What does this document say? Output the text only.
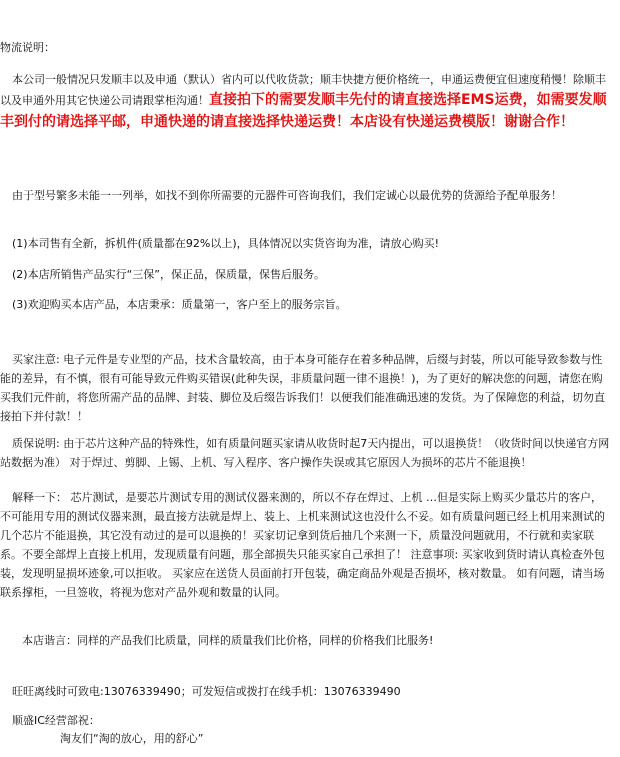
物流说明：
本公司一般情况只发顺丰以及申通（默认）省内可以代收货款；顺丰快捷方便价格统一，申通运费便宜但速度稍慢！除顺丰以及申通外用其它快递公司请跟掌柜沟通！直接拍下的需要发顺丰先付的请直接选择EMS运费，如需要发顺丰到付的请选择平邮，申通快递的请直接选择快递运费！本店设有快递运费模版！谢谢合作！
由于型号繁多未能一一列举，如找不到你所需要的元器件可咨询我们，我们定诚心以最优势的货源给予配单服务！
(1)本司售有全新，拆机件(质量都在92%以上)，具体情况以实货咨询为准，请放心购买!
(2)本店所销售产品实行“三保”，保正品，保质量，保售后服务。
(3)欢迎购买本店产品，本店秉承：质量第一，客户至上的服务宗旨。
买家注意: 电子元件是专业型的产品，技术含量较高，由于本身可能存在着多种品牌，后缀与封装，所以可能导致参数与性能的差异，有不慎，很有可能导致元件购买错误(此种失误，非质量问题一律不退换！)，为了更好的解决您的问题，请您在购买我们元件前，将您所需产品的品牌、封装、脚位及后缀告诉我们！以便我们能准确迅速的发货。为了保障您的利益，切勿直接拍下并付款！！
质保说明: 由于芯片这种产品的特殊性，如有质量问题买家请从收货时起7天内提出，可以退换货！（收货时间以快递官方网站数据为准） 对于焊过、剪脚、上锡、上机、写入程序、客户操作失误或其它原因人为损坏的芯片不能退换！
解释一下： 芯片测试，是要芯片测试专用的测试仪器来测的，所以不存在焊过、上机 …但是实际上购买少量芯片的客户，不可能用专用的测试仪器来测，最直接方法就是焊上、装上、上机来测试这也没什么不妥。如有质量问题已经上机用来测试的几个芯片不能退换，其它没有动过的是可以退换的！买家切记拿到货后抽几个来测一下，质量没问题就用，不行就和卖家联系。不要全部焊上直接上机用，发现质量有问题，那全部损失只能买家自己承担了！ 注意事项: 买家收到货时请认真检查外包装，发现明显损坏迹象,可以拒收。 买家应在送货人员面前打开包装，确定商品外观是否损坏，核对数量。 如有问题，请当场联系撑柜，一旦签收，将视为您对产品外观和数量的认同。
本店谐言：同样的产品我们比质量，同样的质量我们比价格，同样的价格我们比服务!
旺旺离线时可致电:13076339490；可发短信或拨打在线手机：13076339490
顺盛IC经营部祝：
淘友们“淘的放心，用的舒心”
